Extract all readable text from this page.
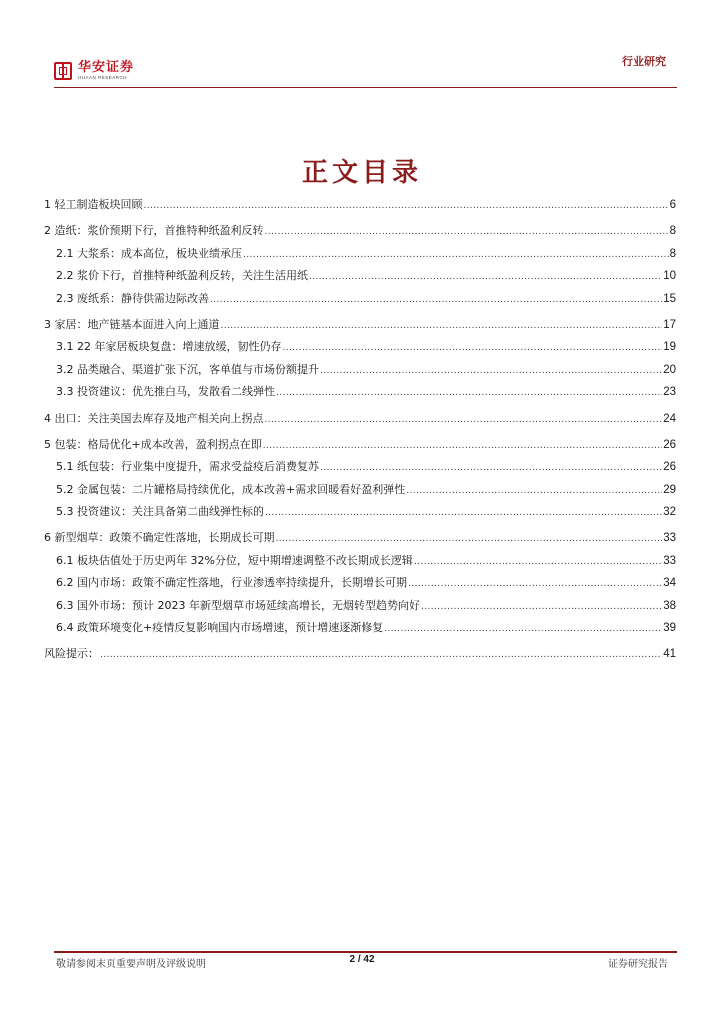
华安证券
HUAAN RESEARCH
行业研究
正文目录
1 轻工制造板块回顾 .....	6
2 造纸：浆价预期下行，首推特种纸盈利反转 .....	8
2.1 大浆系：成本高位，板块业绩承压 .....	8
2.2 浆价下行，首推特种纸盈利反转，关注生活用纸 .....	10
2.3 废纸系：静待供需边际改善 .....	15
3 家居：地产链基本面进入向上通道 .....	17
3.1 22 年家居板块复盘：增速放缓，韧性仍存 .....	19
3.2 品类融合、渠道扩张下沉，客单值与市场份额提升 .....	20
3.3 投资建议：优先推白马，发散看二线弹性 .....	23
4 出口：关注美国去库存及地产相关向上拐点 .....	24
5 包装：格局优化+成本改善，盈利拐点在即 .....	26
5.1 纸包装：行业集中度提升，需求受益疫后消费复苏 .....	26
5.2 金属包装：二片罐格局持续优化，成本改善+需求回暖看好盈利弹性 .....	29
5.3 投资建议：关注具备第二曲线弹性标的 .....	32
6 新型烟草：政策不确定性落地，长期成长可期 .....	33
6.1 板块估值处于历史两年 32%分位，短中期增速调整不改长期成长逻辑 .....	33
6.2 国内市场：政策不确定性落地，行业渗透率持续提升，长期增长可期 .....	34
6.3 国外市场：预计 2023 年新型烟草市场延续高增长，无烟转型趋势向好 .....	38
6.4 政策环境变化+疫情反复影响国内市场增速，预计增速逐渐修复 .....	39
风险提示： .....	41
敬请参阅末页重要声明及评级说明	2 / 42	证券研究报告
